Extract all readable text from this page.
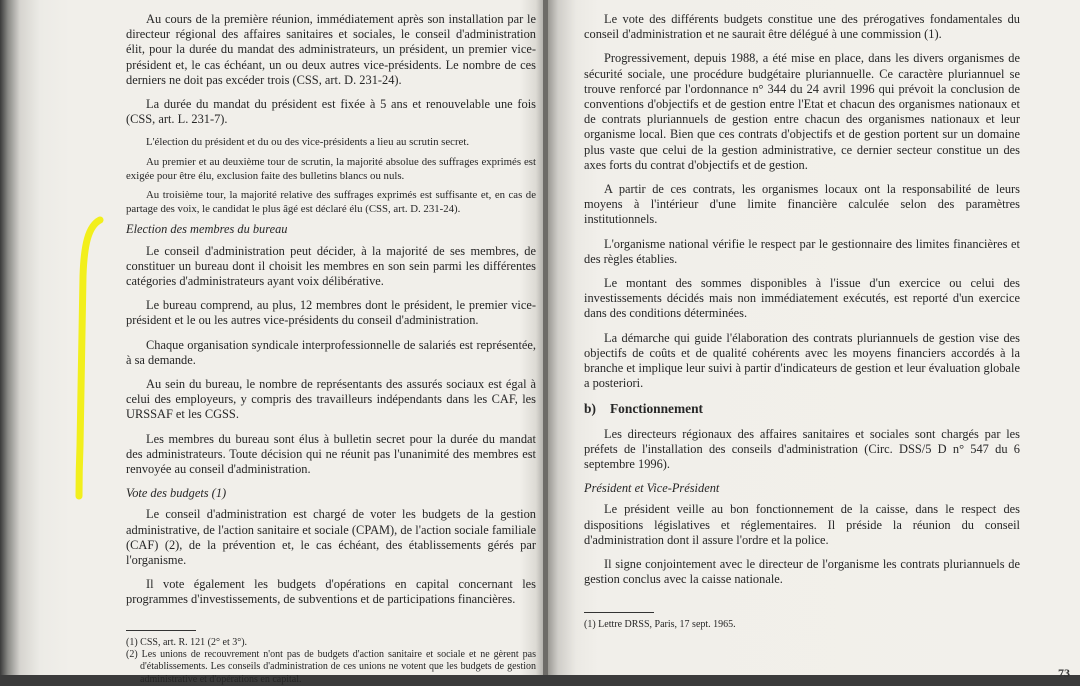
Au cours de la première réunion, immédiatement après son installation par le directeur régional des affaires sanitaires et sociales, le conseil d'administration élit, pour la durée du mandat des administrateurs, un président, un premier vice-président et, le cas échéant, un ou deux autres vice-présidents. Le nombre de ces derniers ne doit pas excéder trois (CSS, art. D. 231-24).

La durée du mandat du président est fixée à 5 ans et renouvelable une fois (CSS, art. L. 231-7).

L'élection du président et du ou des vice-présidents a lieu au scrutin secret.

Au premier et au deuxième tour de scrutin, la majorité absolue des suffrages exprimés est exigée pour être élu, exclusion faite des bulletins blancs ou nuls.

Au troisième tour, la majorité relative des suffrages exprimés est suffisante et, en cas de partage des voix, le candidat le plus âgé est déclaré élu (CSS, art. D. 231-24).

Election des membres du bureau

Le conseil d'administration peut décider, à la majorité de ses membres, de constituer un bureau dont il choisit les membres en son sein parmi les différentes catégories d'administrateurs ayant voix délibérative.

Le bureau comprend, au plus, 12 membres dont le président, le premier vice-président et le ou les autres vice-présidents du conseil d'administration.

Chaque organisation syndicale interprofessionnelle de salariés est représentée, à sa demande.

Au sein du bureau, le nombre de représentants des assurés sociaux est égal à celui des employeurs, y compris des travailleurs indépendants dans les CAF, les URSSAF et les CGSS.

Les membres du bureau sont élus à bulletin secret pour la durée du mandat des administrateurs. Toute décision qui ne réunit pas l'unanimité des membres est renvoyée au conseil d'administration.

Vote des budgets (1)

Le conseil d'administration est chargé de voter les budgets de la gestion administrative, de l'action sanitaire et sociale (CPAM), de l'action sociale familiale (CAF) (2), de la prévention et, le cas échéant, des établissements gérés par l'organisme.

Il vote également les budgets d'opérations en capital concernant les programmes d'investissements, de subventions et de participations financières.

(1) CSS, art. R. 121 (2° et 3°).

(2) Les unions de recouvrement n'ont pas de budgets d'action sanitaire et sociale et ne gèrent pas d'établissements. Les conseils d'administration de ces unions ne votent que les budgets de gestion administrative et d'opérations en capital.

Le vote des différents budgets constitue une des prérogatives fondamentales du conseil d'administration et ne saurait être délégué à une commission (1).

Progressivement, depuis 1988, a été mise en place, dans les divers organismes de sécurité sociale, une procédure budgétaire pluriannuelle. Ce caractère pluriannuel se trouve renforcé par l'ordonnance n° 344 du 24 avril 1996 qui prévoit la conclusion de conventions d'objectifs et de gestion entre l'Etat et chacun des organismes nationaux et de contrats pluriannuels de gestion entre chacun des organismes nationaux et leur organisme local. Bien que ces contrats d'objectifs et de gestion portent sur un domaine plus vaste que celui de la gestion administrative, ce dernier secteur constitue un des axes forts du contrat d'objectifs et de gestion.

A partir de ces contrats, les organismes locaux ont la responsabilité de leurs moyens à l'intérieur d'une limite financière calculée selon des paramètres institutionnels.

L'organisme national vérifie le respect par le gestionnaire des limites financières et des règles établies.

Le montant des sommes disponibles à l'issue d'un exercice ou celui des investissements décidés mais non immédiatement exécutés, est reporté d'un exercice dans des conditions déterminées.

La démarche qui guide l'élaboration des contrats pluriannuels de gestion vise des objectifs de coûts et de qualité cohérents avec les moyens financiers accordés à la branche et implique leur suivi à partir d'indicateurs de gestion et leur évaluation globale a posteriori.

b) Fonctionnement

Les directeurs régionaux des affaires sanitaires et sociales sont chargés par les préfets de l'installation des conseils d'administration (Circ. DSS/5 D n° 547 du 6 septembre 1996).

Président et Vice-Président

Le président veille au bon fonctionnement de la caisse, dans le respect des dispositions législatives et réglementaires. Il préside la réunion du conseil d'administration dont il assure l'ordre et la police.

Il signe conjointement avec le directeur de l'organisme les contrats pluriannuels de gestion conclus avec la caisse nationale.

(1) Lettre DRSS, Paris, 17 sept. 1965.

73
